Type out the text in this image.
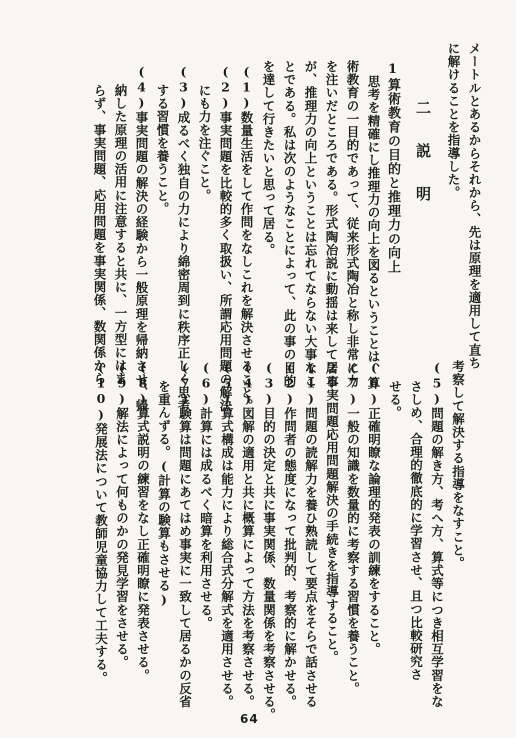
メートルとあるからそれから、先は原理を適用して直ち
に解けることを指導した。
二説明
1算術教育の目的と推理力の向上
思考を精確にし推理力の向上を図るということは、算
術教育の一目的であって、従来形式陶冶と称し非常に力
を注いだところである。形式陶冶説に動揺は来して居る
が、推理力の向上ということは忘れてならない大事なこ
とである。私は次のようなことによって、此の事の目的
を達して行きたいと思って居る。
(1)数量生活をして作問をなしこれを解決させること。
(2)事実問題を比較的多く取扱い、所謂応用問題の解決
にも力を注ぐこと。
(3)成るべく独自の力により綿密周到に秩序正しく思考
する習慣を養うこと。
(4)事実問題の解決の経験から一般原理を帰納させ、帰
納した原理の活用に注意すると共に、一方型にはま
らず、事実問題、応用問題を事実関係、数関係から
考察して解決する指導をなすこと。
(5)問題の解き方、考へ方、算式等につき相互学習をな
さしめ、合理的徹底的に学習させ、且つ比較研究さ
せる。
(6)正確明瞭な論理的発表の訓練をすること。
(7)一般の知識を数量的に考察する習慣を養うこと。
2事実問題応用問題解決の手続きを指導すること。
(1)問題の読解力を養ひ熟読して要点をそらで話させる
(2)作問者の態度になって批判的、考察的に解かせる。
(3)目的の決定と共に事実関係、数量関係を考察させる。
(4)図解の適用と共に概算によって方法を考察させる。
(5)算式構成は能力により総合式分解式を適用させる。
(6)計算には成るべく暗算を利用させる。
(7)験算は問題にあてはめ事実に一致して居るかの反省
を重んずる。(計算の験算もさせる)
(8)算式説明の練習をなし正確明瞭に発表させる。
(9)解法によって何ものかの発見学習をさせる。
(10)発展法について教師児童協力して工夫する。
64
